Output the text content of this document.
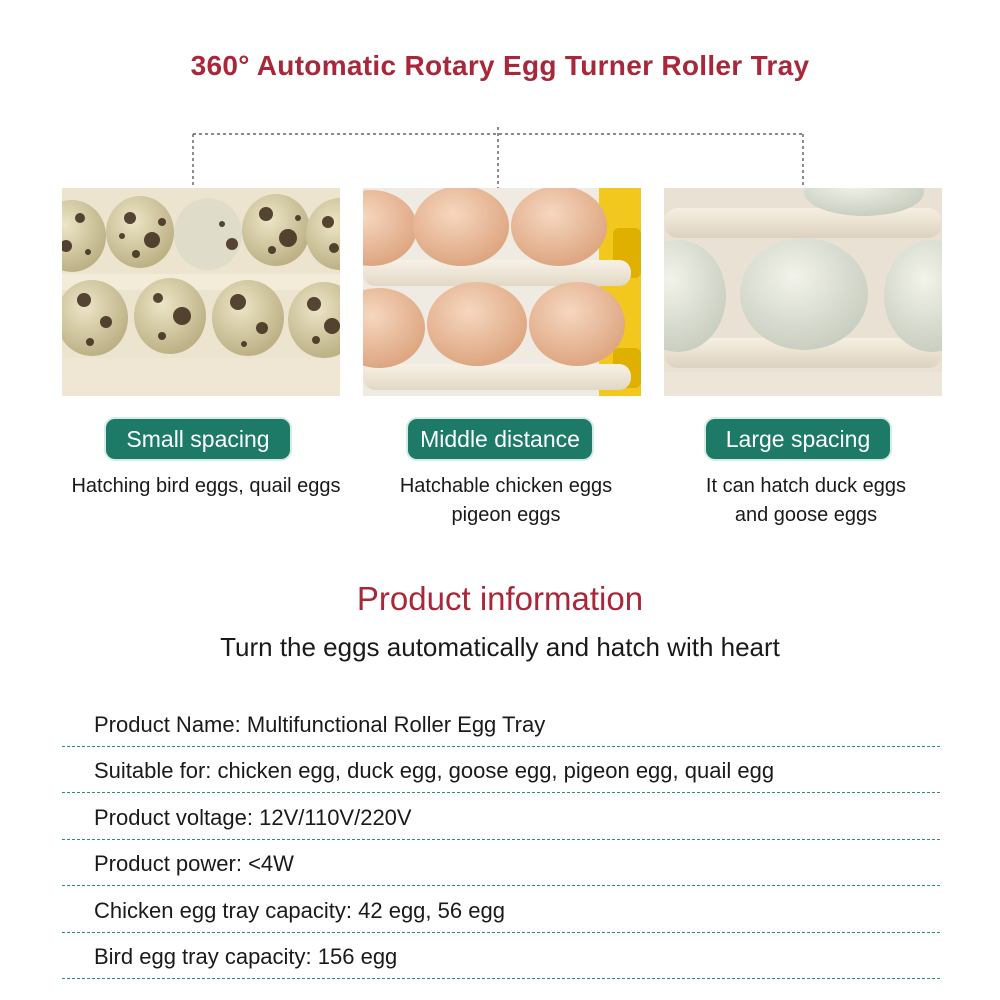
360° Automatic Rotary Egg Turner Roller Tray
Small spacing	Middle distance	Large spacing
Hatching bird eggs, quail eggs	Hatchable chicken eggs
pigeon eggs
It can hatch duck eggs
and goose eggs
Product information
Turn the eggs automatically and hatch with heart
Product Name: Multifunctional Roller Egg Tray
Suitable for: chicken egg, duck egg, goose egg, pigeon egg, quail egg
Product voltage: 12V/110V/220V
Product power: <4W
Chicken egg tray capacity: 42 egg, 56 egg
Bird egg tray capacity: 156 egg
